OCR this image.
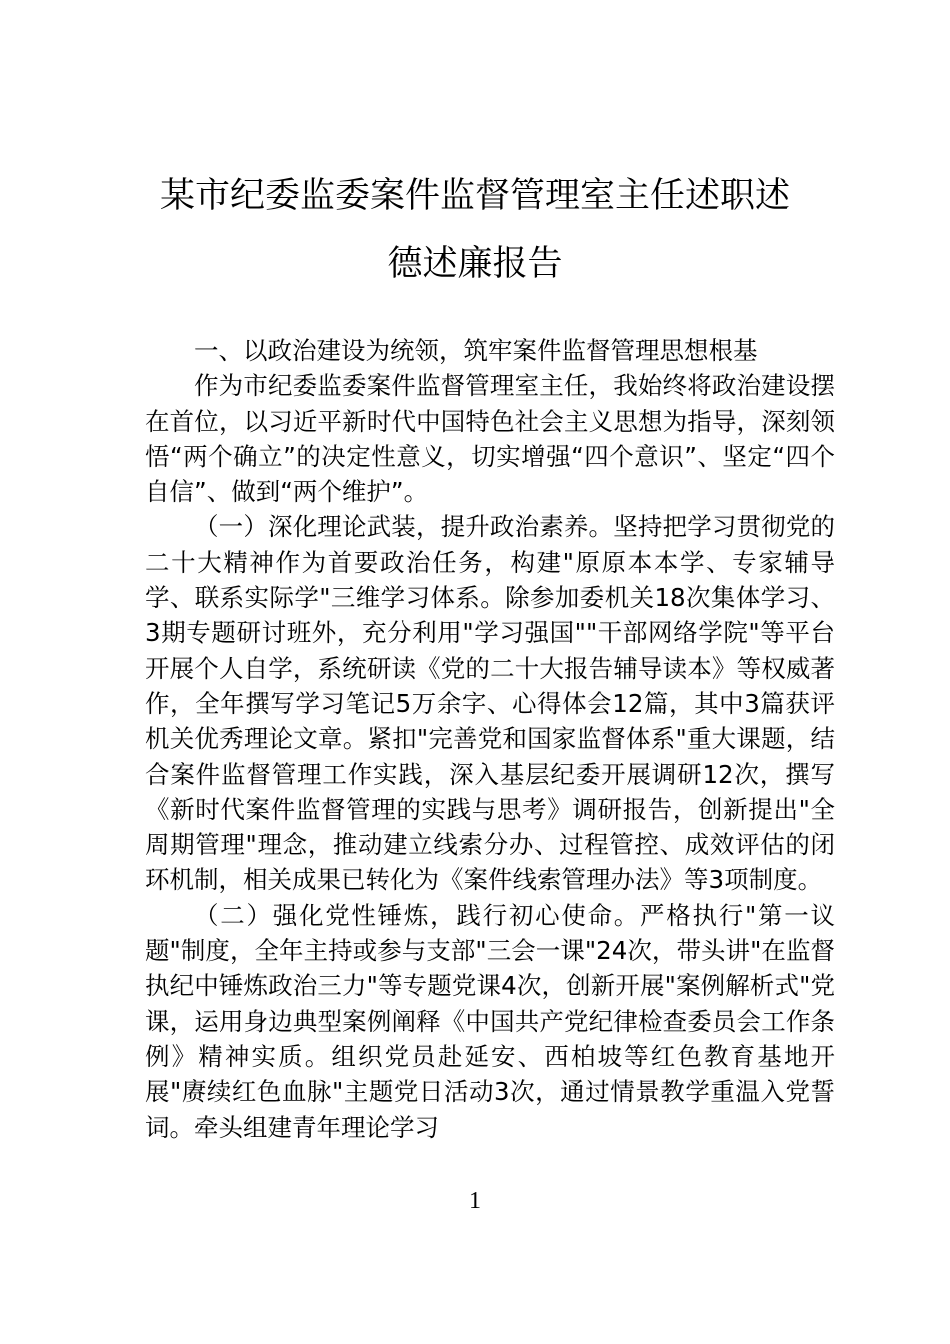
某市纪委监委案件监督管理室主任述职述
德述廉报告

一、以政治建设为统领，筑牢案件监督管理思想根基

作为市纪委监委案件监督管理室主任，我始终将政治建设摆在首位，以习近平新时代中国特色社会主义思想为指导，深刻领悟“两个确立”的决定性意义，切实增强“四个意识”、坚定“四个自信”、做到“两个维护”。

（一）深化理论武装，提升政治素养。坚持把学习贯彻党的二十大精神作为首要政治任务，构建"原原本本学、专家辅导学、联系实际学"三维学习体系。除参加委机关18次集体学习、3期专题研讨班外，充分利用"学习强国""干部网络学院"等平台开展个人自学，系统研读《党的二十大报告辅导读本》等权威著作，全年撰写学习笔记5万余字、心得体会12篇，其中3篇获评机关优秀理论文章。紧扣"完善党和国家监督体系"重大课题，结合案件监督管理工作实践，深入基层纪委开展调研12次，撰写《新时代案件监督管理的实践与思考》调研报告，创新提出"全周期管理"理念，推动建立线索分办、过程管控、成效评估的闭环机制，相关成果已转化为《案件线索管理办法》等3项制度。

（二）强化党性锤炼，践行初心使命。严格执行"第一议题"制度，全年主持或参与支部"三会一课"24次，带头讲"在监督执纪中锤炼政治三力"等专题党课4次，创新开展"案例解析式"党课，运用身边典型案例阐释《中国共产党纪律检查委员会工作条例》精神实质。组织党员赴延安、西柏坡等红色教育基地开展"赓续红色血脉"主题党日活动3次，通过情景教学重温入党誓词。牵头组建青年理论学习

1
